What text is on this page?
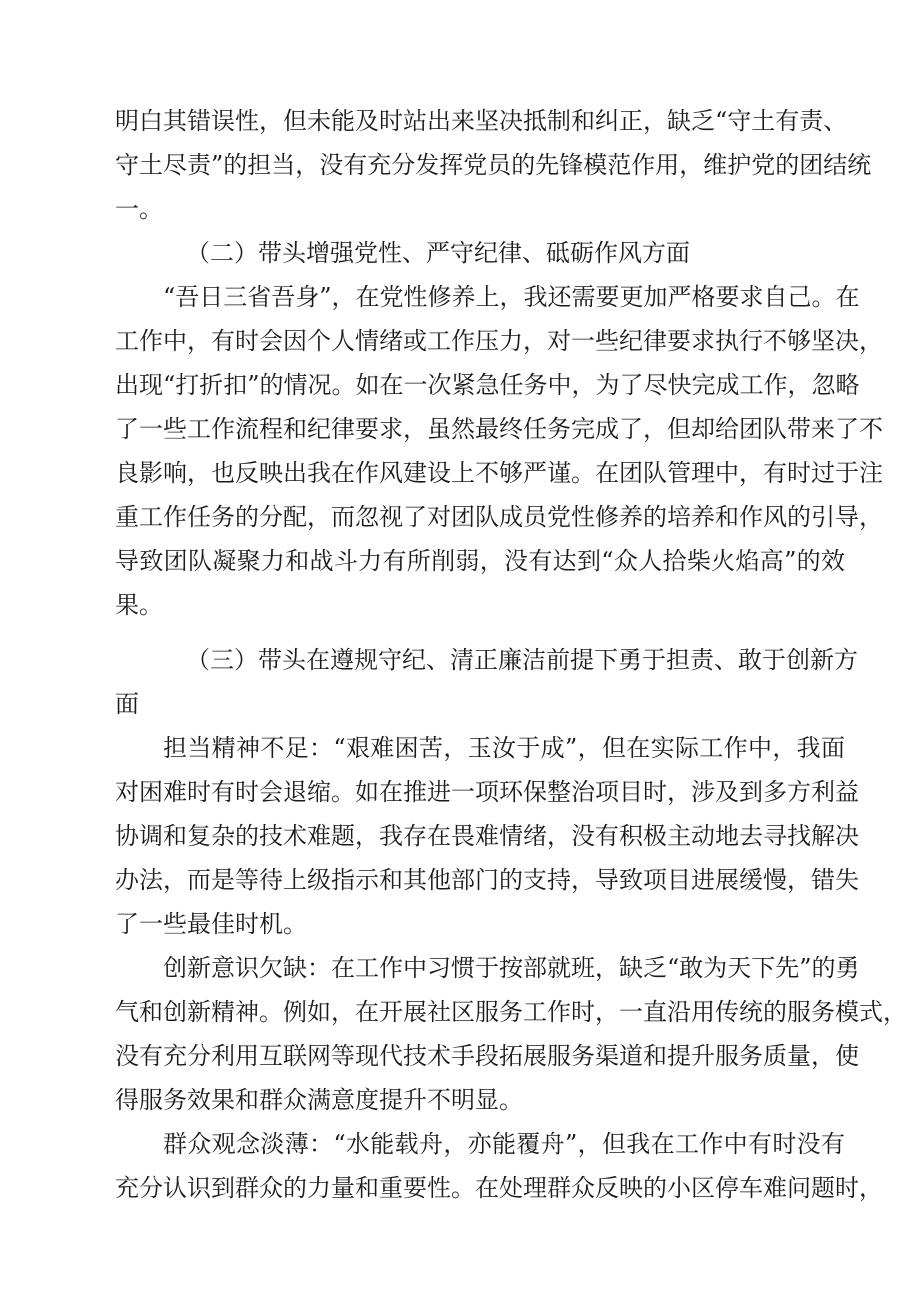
明白其错误性，但未能及时站出来坚决抵制和纠正，缺乏“守土有责、
守土尽责”的担当，没有充分发挥党员的先锋模范作用，维护党的团结统
一。
（二）带头增强党性、严守纪律、砥砺作风方面
“吾日三省吾身”，在党性修养上，我还需要更加严格要求自己。在
工作中，有时会因个人情绪或工作压力，对一些纪律要求执行不够坚决，
出现“打折扣”的情况。如在一次紧急任务中，为了尽快完成工作，忽略
了一些工作流程和纪律要求，虽然最终任务完成了，但却给团队带来了不
良影响，也反映出我在作风建设上不够严谨。在团队管理中，有时过于注
重工作任务的分配，而忽视了对团队成员党性修养的培养和作风的引导，
导致团队凝聚力和战斗力有所削弱，没有达到“众人拾柴火焰高”的效
果。
（三）带头在遵规守纪、清正廉洁前提下勇于担责、敢于创新方
面
担当精神不足：“艰难困苦，玉汝于成”，但在实际工作中，我面
对困难时有时会退缩。如在推进一项环保整治项目时，涉及到多方利益
协调和复杂的技术难题，我存在畏难情绪，没有积极主动地去寻找解决
办法，而是等待上级指示和其他部门的支持，导致项目进展缓慢，错失
了一些最佳时机。
创新意识欠缺：在工作中习惯于按部就班，缺乏“敢为天下先”的勇
气和创新精神。例如，在开展社区服务工作时，一直沿用传统的服务模式，
没有充分利用互联网等现代技术手段拓展服务渠道和提升服务质量，使
得服务效果和群众满意度提升不明显。
群众观念淡薄：“水能载舟，亦能覆舟”，但我在工作中有时没有
充分认识到群众的力量和重要性。在处理群众反映的小区停车难问题时，
